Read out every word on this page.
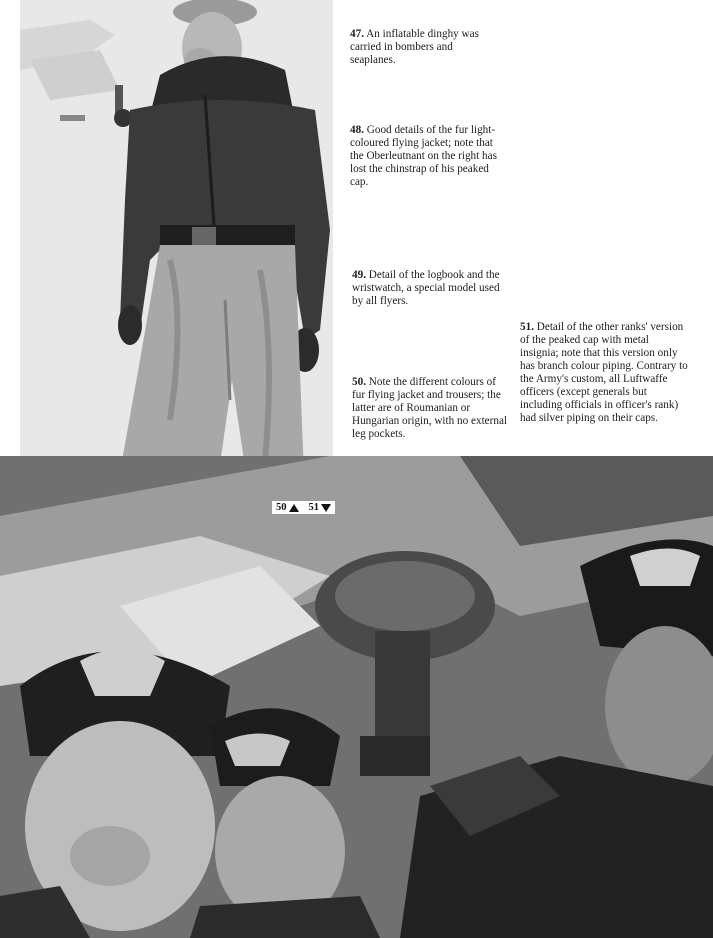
47. An inflatable dinghy was carried in bombers and seaplanes.
48. Good details of the fur light-coloured flying jacket; note that the Oberleutnant on the right has lost the chinstrap of his peaked cap.
49. Detail of the logbook and the wristwatch, a special model used by all flyers.
51. Detail of the other ranks' version of the peaked cap with metal insignia; note that this version only has branch colour piping. Contrary to the Army's custom, all Luftwaffe officers (except generals but including officials in officer's rank) had silver piping on their caps.
50. Note the different colours of fur flying jacket and trousers; the latter are of Roumanian or Hungarian origin, with no external leg pockets.
50 51
